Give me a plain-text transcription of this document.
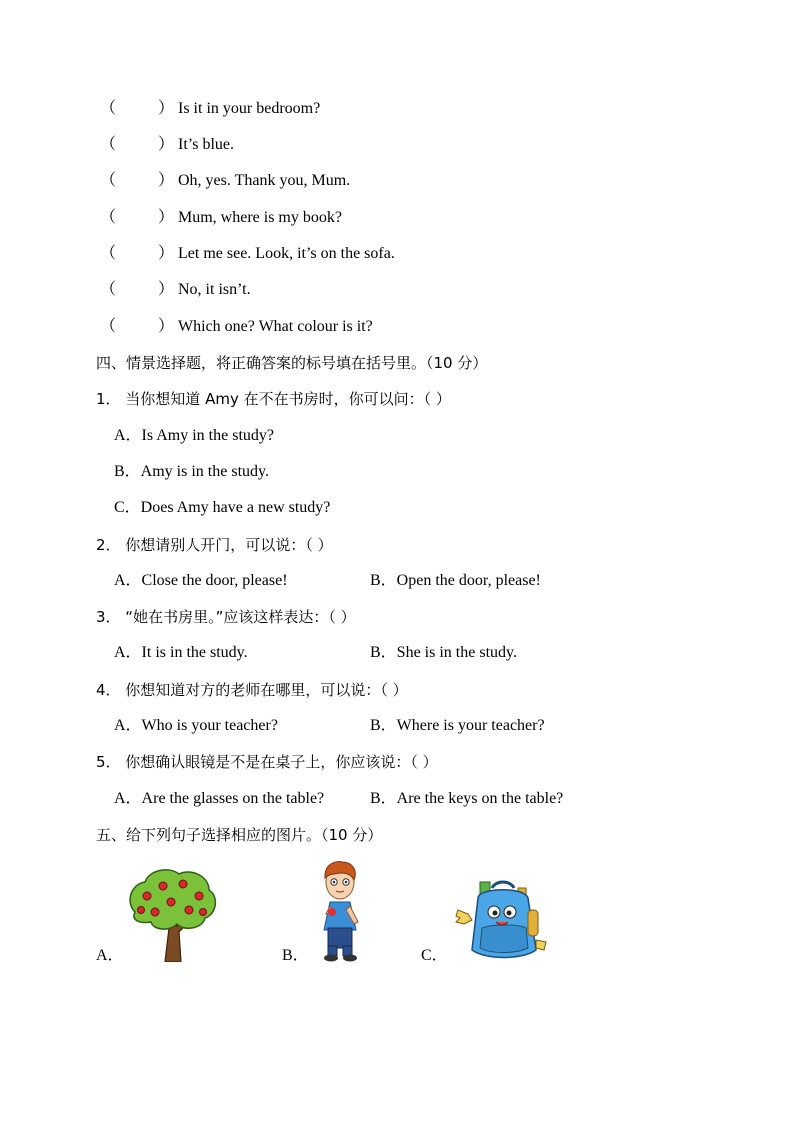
（	） Is it in your bedroom?
（	） It’s blue.
（	） Oh, yes. Thank you, Mum.
（	） Mum, where is my book?
（	） Let me see. Look, it’s on the sofa.
（	） No, it isn’t.
（	） Which one? What colour is it?
四、情景选择题，将正确答案的标号填在括号里。（10 分）
1． 当你想知道 Amy 在不在书房时，你可以问：（ ）
A．Is Amy in the study?
B．Amy is in the study.
C．Does Amy have a new study?
2． 你想请别人开门，可以说：（ ）
A．Close the door, please!	B．Open the door, please!
3． “她在书房里。”应该这样表达：（ ）
A．It is in the study.	B．She is in the study.
4． 你想知道对方的老师在哪里，可以说：（ ）
A．Who is your teacher?	B．Where is your teacher?
5． 你想确认眼镜是不是在桌子上，你应该说：（ ）
A．Are the glasses on the table?	B．Are the keys on the table?
五、给下列句子选择相应的图片。（10 分）
A．	B．	C．
